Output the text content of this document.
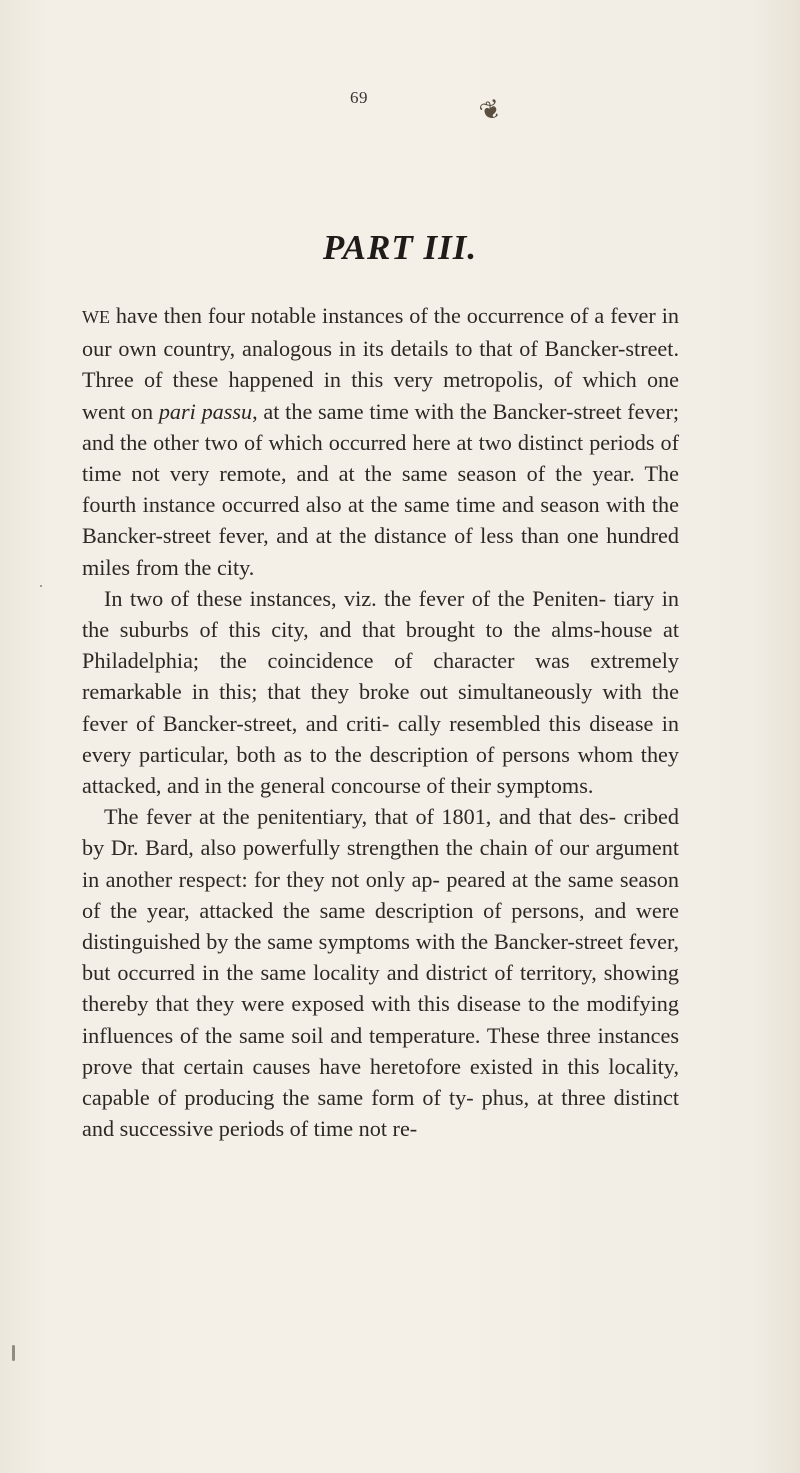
69	❦
PART III.

WE have then four notable instances of the occurrence of a fever in our own country, analogous in its details to that of Bancker-street. Three of these happened in this very metropolis, of which one went on pari passu, at the same time with the Bancker-street fever; and the other two of which occurred here at two distinct periods of time not very remote, and at the same season of the year. The fourth instance occurred also at the same time and season with the Bancker-street fever, and at the distance of less than one hundred miles from the city.

In two of these instances, viz. the fever of the Peniten- tiary in the suburbs of this city, and that brought to the alms-house at Philadelphia; the coincidence of character was extremely remarkable in this; that they broke out simultaneously with the fever of Bancker-street, and criti- cally resembled this disease in every particular, both as to the description of persons whom they attacked, and in the general concourse of their symptoms.

The fever at the penitentiary, that of 1801, and that des- cribed by Dr. Bard, also powerfully strengthen the chain of our argument in another respect: for they not only ap- peared at the same season of the year, attacked the same description of persons, and were distinguished by the same symptoms with the Bancker-street fever, but occurred in the same locality and district of territory, showing thereby that they were exposed with this disease to the modifying influences of the same soil and temperature. These three instances prove that certain causes have heretofore existed in this locality, capable of producing the same form of ty- phus, at three distinct and successive periods of time not re-
